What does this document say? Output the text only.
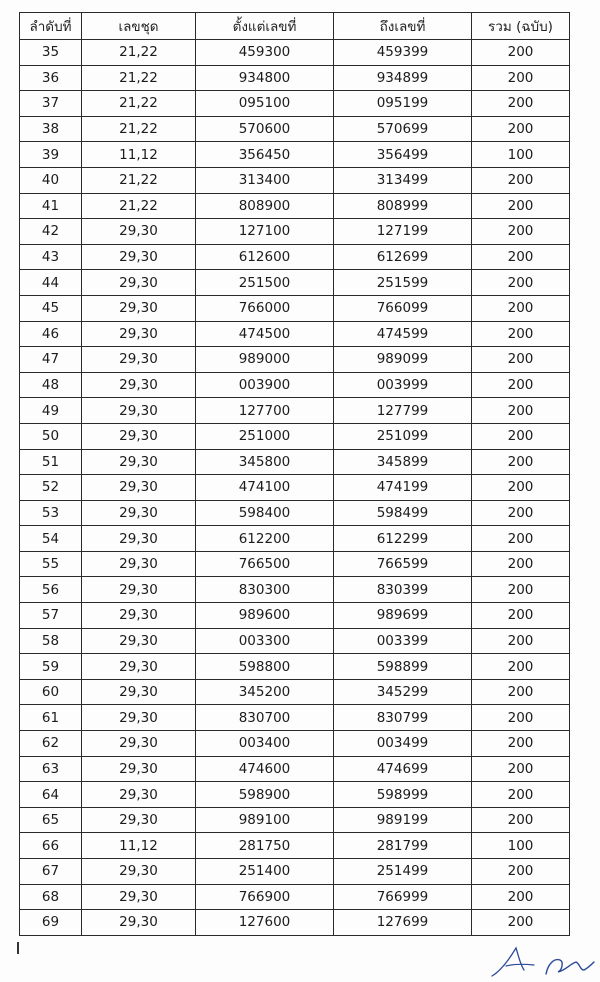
ลำดับที่	เลขชุด	ตั้งแต่เลขที่	ถึงเลขที่	รวม (ฉบับ)
35	21,22	459300	459399	200
36	21,22	934800	934899	200
37	21,22	095100	095199	200
38	21,22	570600	570699	200
39	11,12	356450	356499	100
40	21,22	313400	313499	200
41	21,22	808900	808999	200
42	29,30	127100	127199	200
43	29,30	612600	612699	200
44	29,30	251500	251599	200
45	29,30	766000	766099	200
46	29,30	474500	474599	200
47	29,30	989000	989099	200
48	29,30	003900	003999	200
49	29,30	127700	127799	200
50	29,30	251000	251099	200
51	29,30	345800	345899	200
52	29,30	474100	474199	200
53	29,30	598400	598499	200
54	29,30	612200	612299	200
55	29,30	766500	766599	200
56	29,30	830300	830399	200
57	29,30	989600	989699	200
58	29,30	003300	003399	200
59	29,30	598800	598899	200
60	29,30	345200	345299	200
61	29,30	830700	830799	200
62	29,30	003400	003499	200
63	29,30	474600	474699	200
64	29,30	598900	598999	200
65	29,30	989100	989199	200
66	11,12	281750	281799	100
67	29,30	251400	251499	200
68	29,30	766900	766999	200
69	29,30	127600	127699	200
